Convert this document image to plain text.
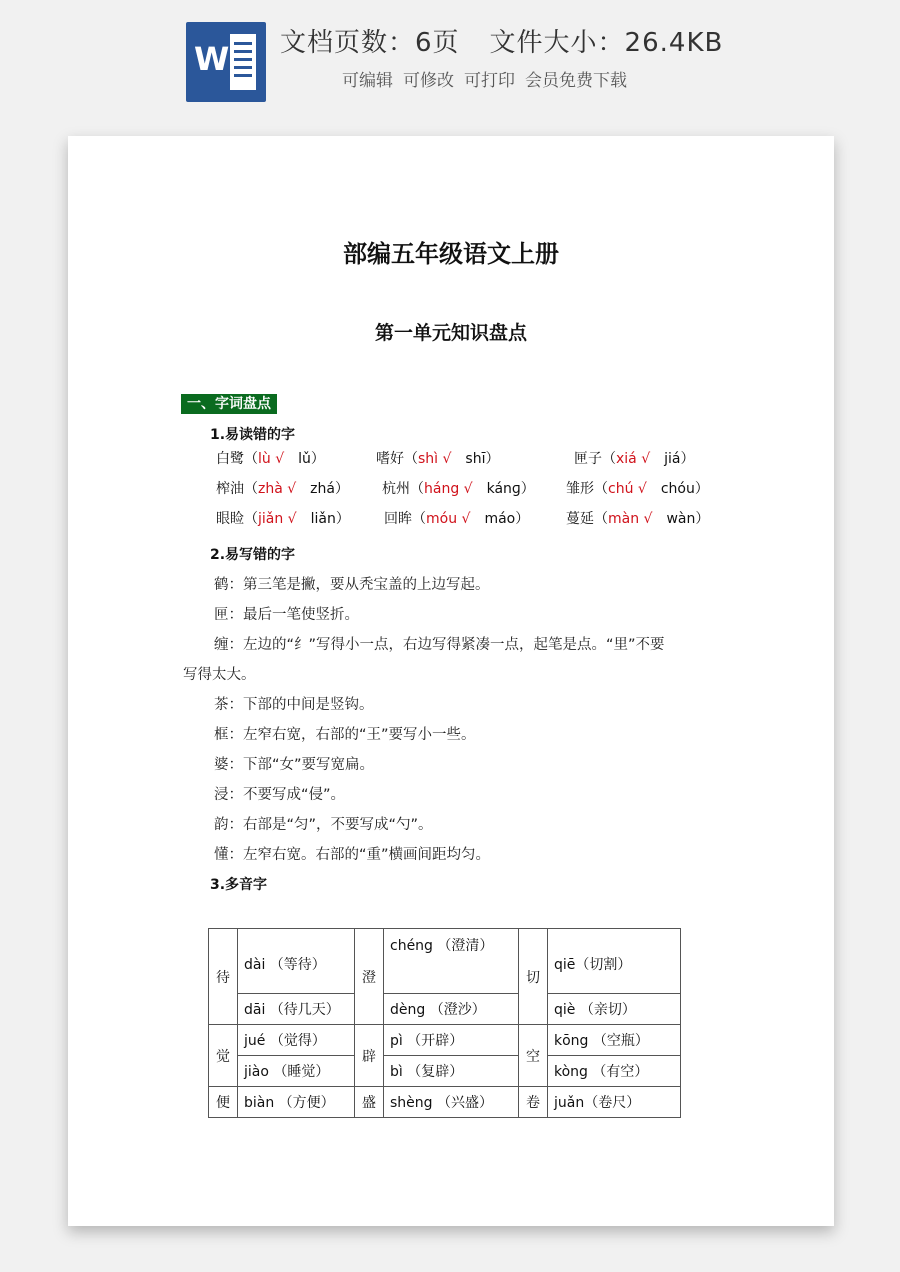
W 文档页数：6页 文件大小：26.4KB
可编辑 可修改 可打印 会员免费下载
部编五年级语文上册
第一单元知识盘点
一、字词盘点
1.易读错的字
白鹭（lù √　lǔ）	嗜好（shì √　shī）	匣子（xiá √　jiá）
榨油（zhà √　zhá） 杭州（háng √　kánɡ） 雏形（chú √　chóu）
眼睑（jiǎn √　liǎn） 回眸（móu √　máo）	蔓延（màn √　wàn）
2.易写错的字
鹤：第三笔是撇，要从秃宝盖的上边写起。
匣：最后一笔使竖折。
缠：左边的“纟”写得小一点，右边写得紧凑一点，起笔是点。“里”不要
写得太大。
茶：下部的中间是竖钩。
框：左窄右宽，右部的“王”要写小一些。
婆：下部“女”要写宽扁。
浸：不要写成“侵”。
韵：右部是“匀”，不要写成“勺”。
懂：左窄右宽。右部的“重”横画间距均匀。
3.多音字
待	dài （等待）	澄	chéng （澄清）	切	qiē（切割）
	dāi （待几天）		dèng （澄沙）		qiè （亲切）
觉	jué （觉得）	辟	pì （开辟）	空	kōng （空瓶）
	jiào （睡觉）		bì （复辟）		kòng （有空）
便	biàn （方便）	盛	shèng （兴盛）	卷	juǎn（卷尺）
